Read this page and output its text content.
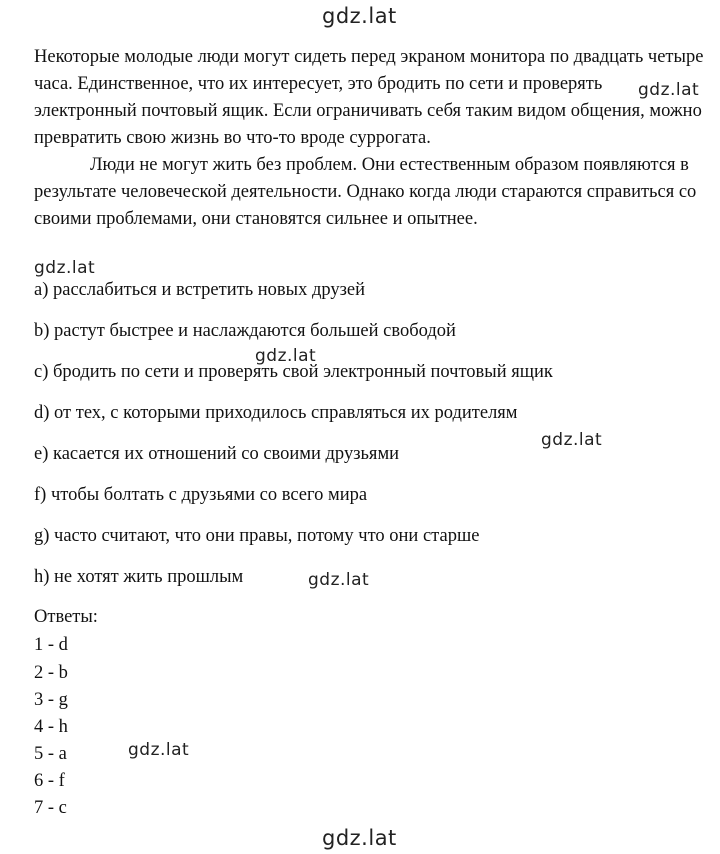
gdz.lat
gdz.lat
gdz.lat
gdz.lat
gdz.lat
gdz.lat
gdz.lat
gdz.lat

Некоторые молодые люди могут сидеть перед экраном монитора по двадцать четыре часа. Единственное, что их интересует, это бродить по сети и проверять электронный почтовый ящик. Если ограничивать себя таким видом общения, можно превратить свою жизнь во что-то вроде суррогата.

Люди не могут жить без проблем. Они естественным образом появляются в результате человеческой деятельности. Однако когда люди стараются справиться со своими проблемами, они становятся сильнее и опытнее.

a) расслабиться и встретить новых друзей
b) растут быстрее и наслаждаются большей свободой
c) бродить по сети и проверять свой электронный почтовый ящик
d) от тех, с которыми приходилось справляться их родителям
e) касается их отношений со своими друзьями
f) чтобы болтать с друзьями со всего мира
g) часто считают, что они правы, потому что они старше
h) не хотят жить прошлым
Ответы:
1 - d
2 - b
3 - g
4 - h
5 - a
6 - f
7 - c
